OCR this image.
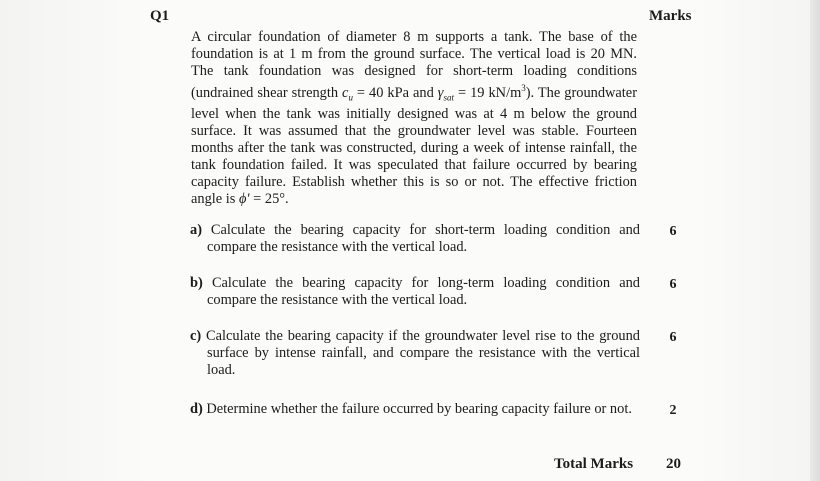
Q1	Marks
A circular foundation of diameter 8 m supports a tank. The base of the foundation is at 1 m from the ground surface. The vertical load is 20 MN. The tank foundation was designed for short-term loading conditions (undrained shear strength $c_u = 40$ kPa and $\gamma_{sat} = 19$ $kN/m^3$). The groundwater level when the tank was initially designed was at 4 m below the ground surface. It was assumed that the groundwater level was stable. Fourteen months after the tank was constructed, during a week of intense rainfall, the tank foundation failed. It was speculated that failure occurred by bearing capacity failure. Establish whether this is so or not. The effective friction angle is ϕ′ = 25°.
a) Calculate the bearing capacity for short-term loading condition and compare the resistance with the vertical load.
6
b) Calculate the bearing capacity for long-term loading condition and compare the resistance with the vertical load.
6
c) Calculate the bearing capacity if the groundwater level rise to the ground surface by intense rainfall, and compare the resistance with the vertical load.
6
d) Determine whether the failure occurred by bearing capacity failure or not.	2
Total Marks 20
